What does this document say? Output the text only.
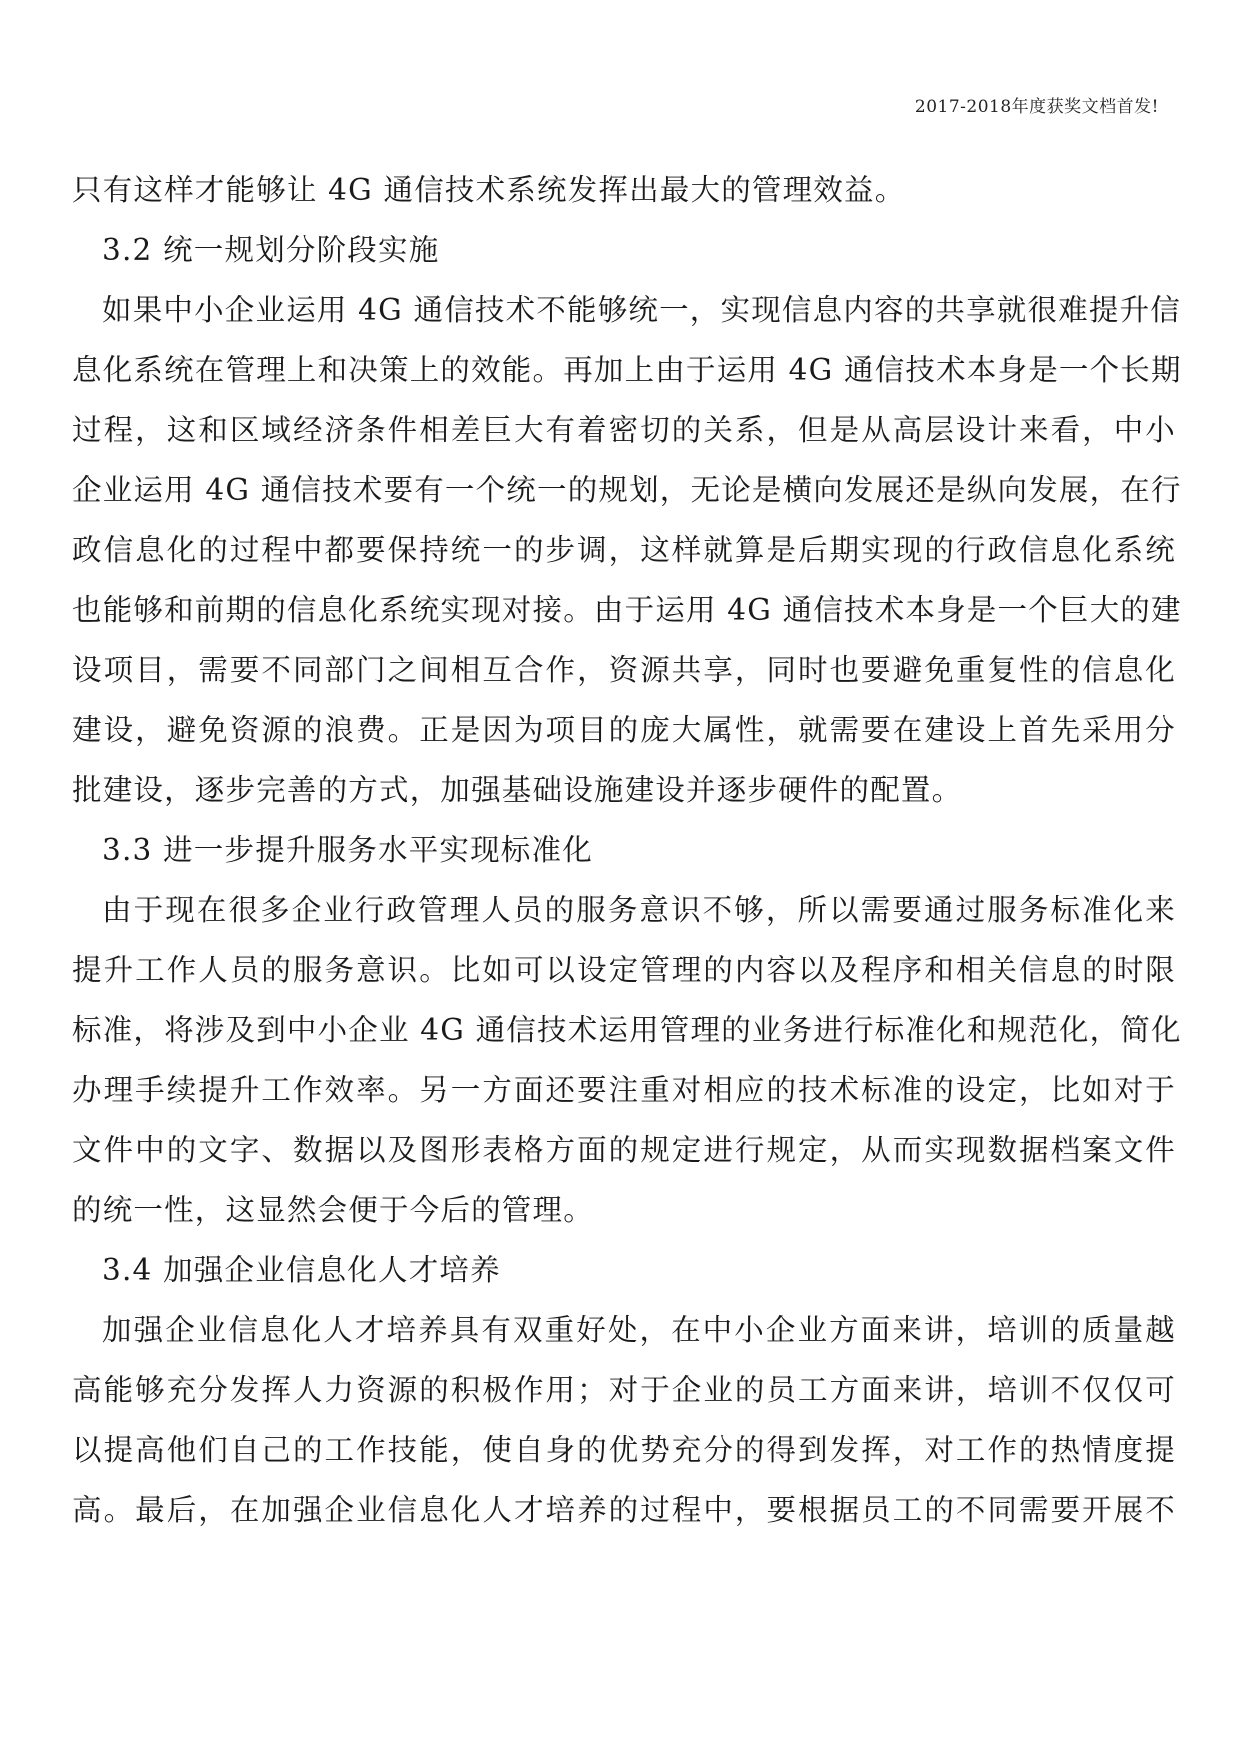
2017-2018年度获奖文档首发!
只有这样才能够让 4G 通信技术系统发挥出最大的管理效益。
3.2 统一规划分阶段实施
如果中小企业运用 4G 通信技术不能够统一，实现信息内容的共享就很难提升信
息化系统在管理上和决策上的效能。再加上由于运用 4G 通信技术本身是一个长期
过程，这和区域经济条件相差巨大有着密切的关系，但是从高层设计来看，中小
企业运用 4G 通信技术要有一个统一的规划，无论是横向发展还是纵向发展，在行
政信息化的过程中都要保持统一的步调，这样就算是后期实现的行政信息化系统
也能够和前期的信息化系统实现对接。由于运用 4G 通信技术本身是一个巨大的建
设项目，需要不同部门之间相互合作，资源共享，同时也要避免重复性的信息化
建设，避免资源的浪费。正是因为项目的庞大属性，就需要在建设上首先采用分
批建设，逐步完善的方式，加强基础设施建设并逐步硬件的配置。
3.3 进一步提升服务水平实现标准化
由于现在很多企业行政管理人员的服务意识不够，所以需要通过服务标准化来
提升工作人员的服务意识。比如可以设定管理的内容以及程序和相关信息的时限
标准，将涉及到中小企业 4G 通信技术运用管理的业务进行标准化和规范化，简化
办理手续提升工作效率。另一方面还要注重对相应的技术标准的设定，比如对于
文件中的文字、数据以及图形表格方面的规定进行规定，从而实现数据档案文件
的统一性，这显然会便于今后的管理。
3.4 加强企业信息化人才培养
加强企业信息化人才培养具有双重好处，在中小企业方面来讲，培训的质量越
高能够充分发挥人力资源的积极作用；对于企业的员工方面来讲，培训不仅仅可
以提高他们自己的工作技能，使自身的优势充分的得到发挥，对工作的热情度提
高。最后，在加强企业信息化人才培养的过程中，要根据员工的不同需要开展不
